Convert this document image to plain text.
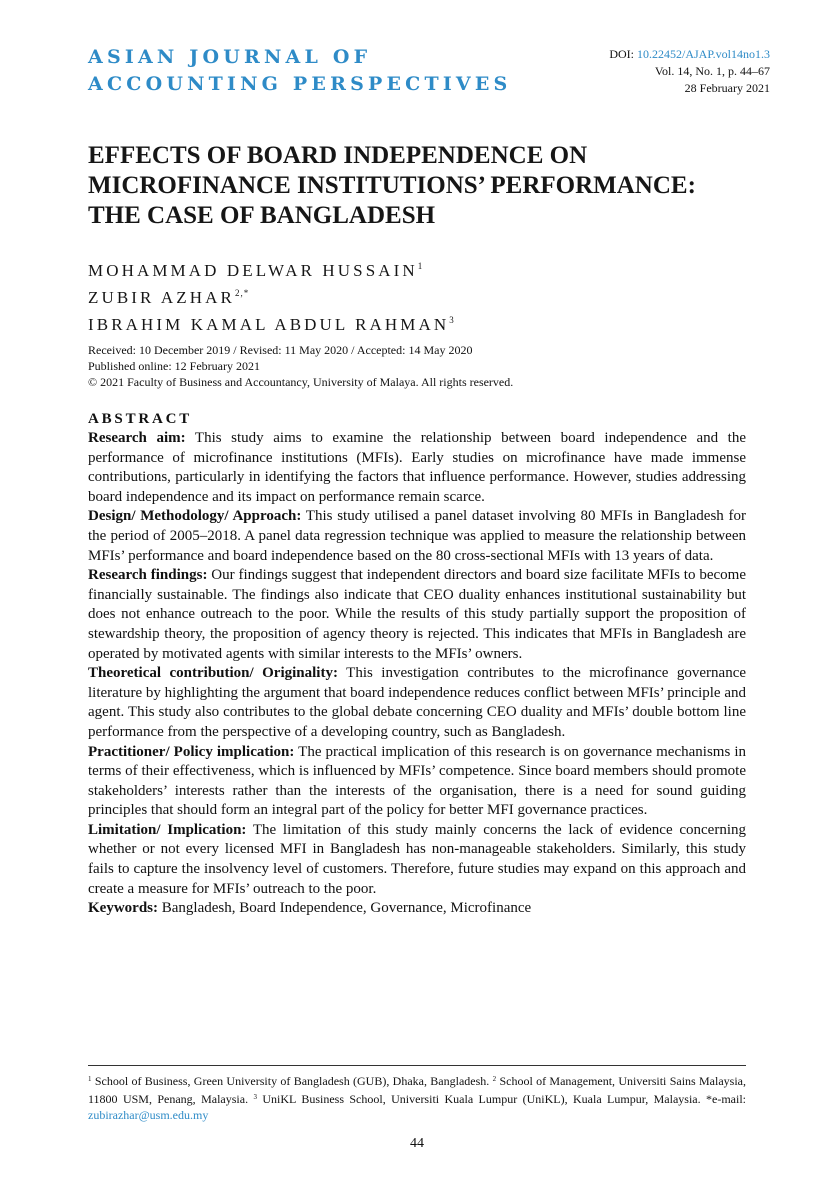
ASIAN JOURNAL OF
ACCOUNTING PERSPECTIVES
DOI: 10.22452/AJAP.vol14no1.3
Vol. 14, No. 1, p. 44–67
28 February 2021
EFFECTS OF BOARD INDEPENDENCE ON
MICROFINANCE INSTITUTIONS’ PERFORMANCE:
THE CASE OF BANGLADESH
MOHAMMAD DELWAR HUSSAIN$^1$
ZUBIR $AZHAR^{2,*}$
IBRAHIM KAMAL ABDUL RAHMAN$^3$
Received: 10 December 2019 / Revised: 11 May 2020 / Accepted: 14 May 2020
Published online: 12 February 2021
© 2021 Faculty of Business and Accountancy, University of Malaya. All rights reserved.
ABSTRACT

Research aim: This study aims to examine the relationship between board independence and the performance of microfinance institutions (MFIs). Early studies on microfinance have made immense contributions, particularly in identifying the factors that influence performance. However, studies addressing board independence and its impact on performance remain scarce.

Design/ Methodology/ Approach: This study utilised a panel dataset involving 80 MFIs in Bangladesh for the period of 2005–2018. A panel data regression technique was applied to measure the relationship between MFIs’ performance and board independence based on the 80 cross-sectional MFIs with 13 years of data.

Research findings: Our findings suggest that independent directors and board size facilitate MFIs to become financially sustainable. The findings also indicate that CEO duality enhances institutional sustainability but does not enhance outreach to the poor. While the results of this study partially support the proposition of stewardship theory, the proposition of agency theory is rejected. This indicates that MFIs in Bangladesh are operated by motivated agents with similar interests to the MFIs’ owners.

Theoretical contribution/ Originality: This investigation contributes to the microfinance governance literature by highlighting the argument that board independence reduces conflict between MFIs’ principle and agent. This study also contributes to the global debate concerning CEO duality and MFIs’ double bottom line performance from the perspective of a developing country, such as Bangladesh.

Practitioner/ Policy implication: The practical implication of this research is on governance mechanisms in terms of their effectiveness, which is influenced by MFIs’ competence. Since board members should promote stakeholders’ interests rather than the interests of the organisation, there is a need for sound guiding principles that should form an integral part of the policy for better MFI governance practices.

Limitation/ Implication: The limitation of this study mainly concerns the lack of evidence concerning whether or not every licensed MFI in Bangladesh has non-manageable stakeholders. Similarly, this study fails to capture the insolvency level of customers. Therefore, future studies may expand on this approach and create a measure for MFIs’ outreach to the poor.

Keywords: Bangladesh, Board Independence, Governance, Microfinance

$^1$ School of Business, Green University of Bangladesh (GUB), Dhaka, Bangladesh. $^2$ School of Management, Universiti Sains Malaysia, 11800 USM, Penang, Malaysia. $^3$ UniKL Business School, Universiti Kuala Lumpur (UniKL), Kuala Lumpur, Malaysia. *e-mail: zubirazhar@usm.edu.my
44
